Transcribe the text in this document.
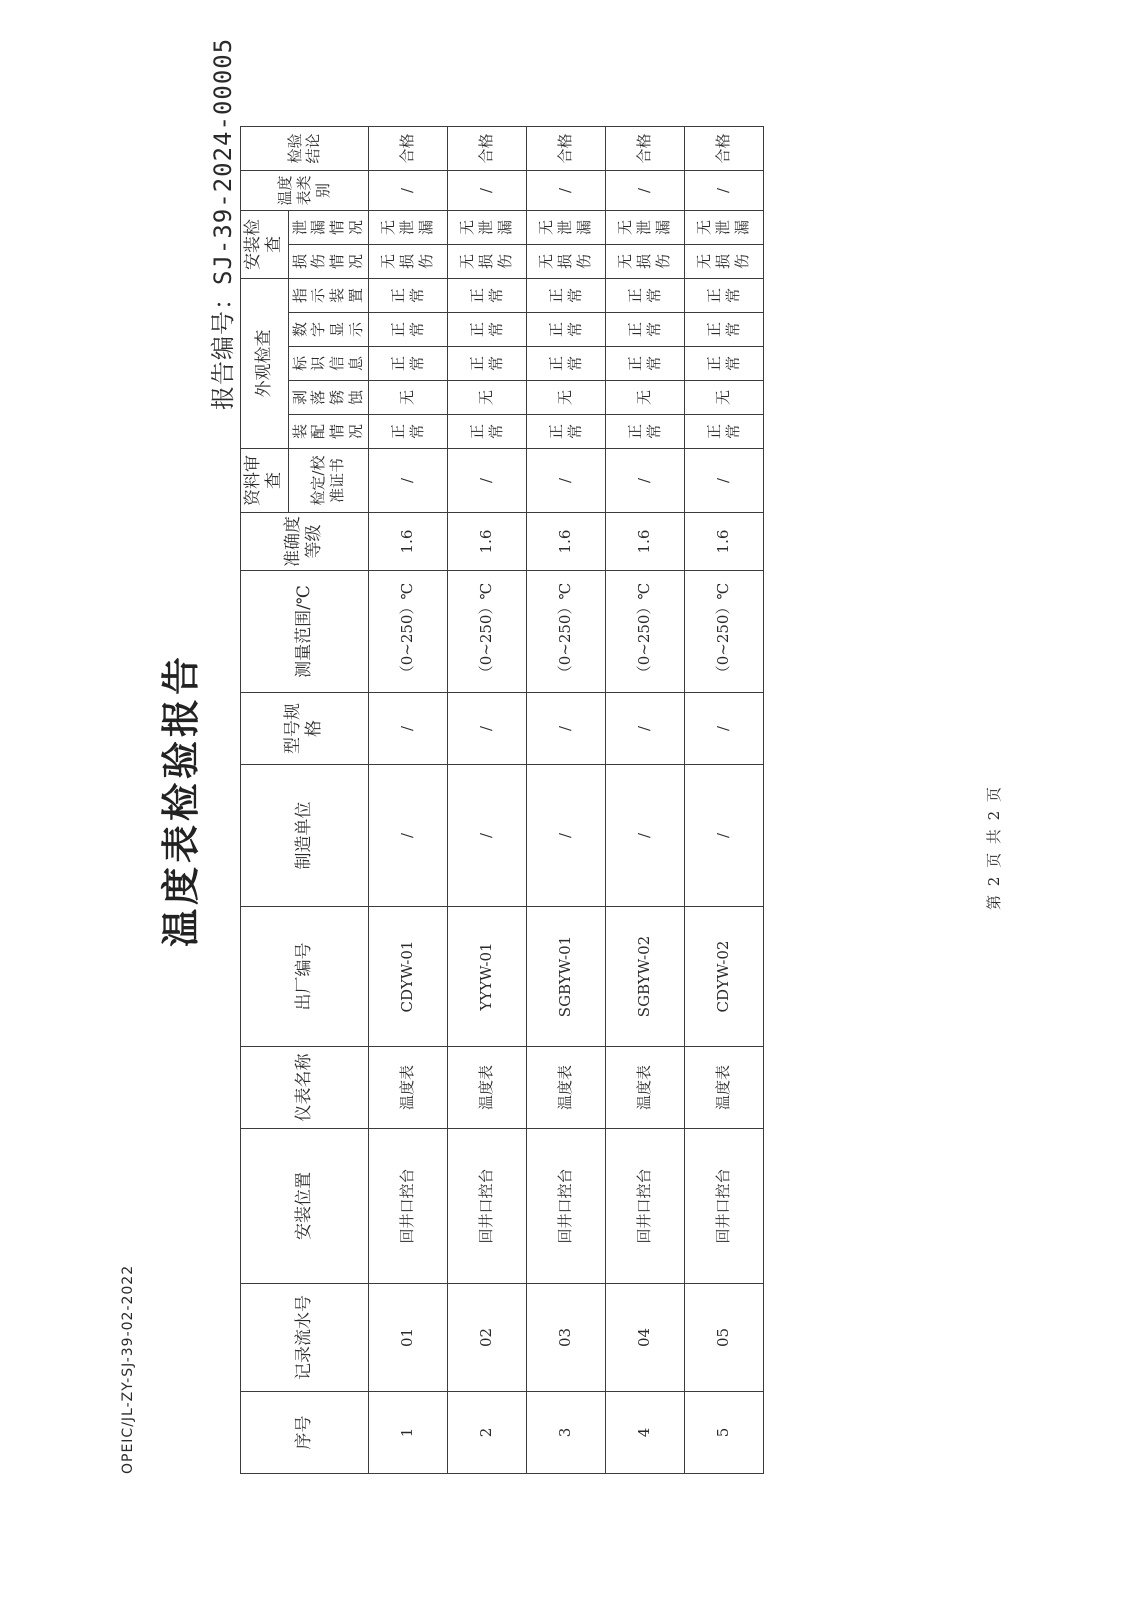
OPEIC/JL-ZY-SJ-39-02-2022
温度表检验报告
报告编号：SJ-39-2024-00005
序号	记录流水号	安装位置	仪表名称	出厂编号	制造单位	型号规格	测量范围/℃	准确度等级	资料审查	外观检查					安装检查		温度表类别	检验结论
									检定/校准证书	装配情况	剥落锈蚀	标识信息	数字显示	指示装置	损伤情况	泄漏情况		
1	01	回井口控台	温度表	CDYW-01	/	/	（0~250）℃	1.6	/	正常	无	正常	正常	正常	无损伤	无泄漏	/	合格
2	02	回井口控台	温度表	YYYW-01	/	/	（0~250）℃	1.6	/	正常	无	正常	正常	正常	无损伤	无泄漏	/	合格
3	03	回井口控台	温度表	SGBYW-01	/	/	（0~250）℃	1.6	/	正常	无	正常	正常	正常	无损伤	无泄漏	/	合格
4	04	回井口控台	温度表	SGBYW-02	/	/	（0~250）℃	1.6	/	正常	无	正常	正常	正常	无损伤	无泄漏	/	合格
5	05	回井口控台	温度表	CDYW-02	/	/	（0~250）℃	1.6	/	正常	无	正常	正常	正常	无损伤	无泄漏	/	合格
第 2 页 共 2 页
